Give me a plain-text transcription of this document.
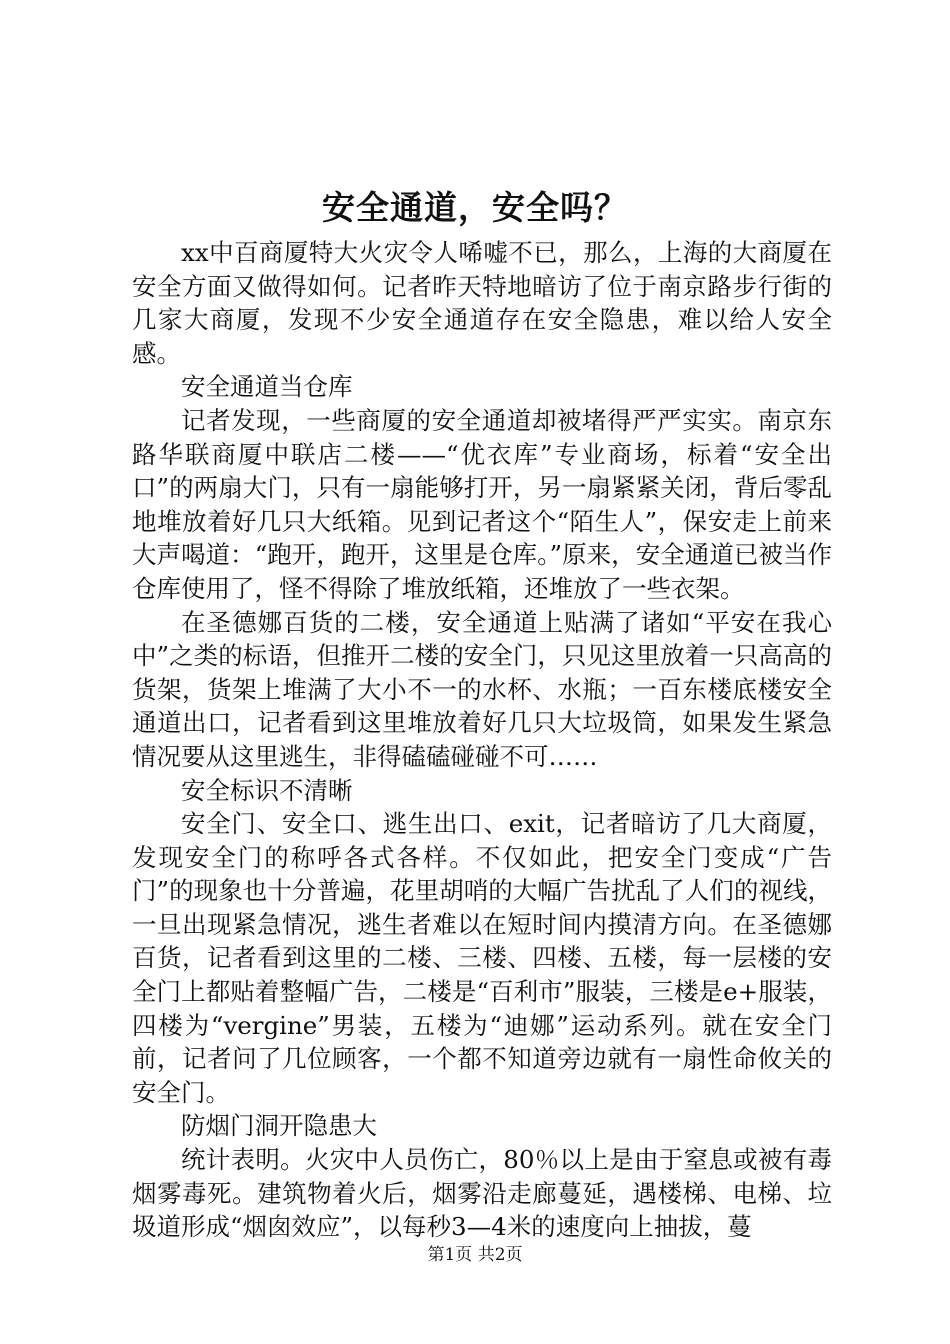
安全通道，安全吗？

xx中百商厦特大火灾令人唏嘘不已，那么，上海的大商厦在安全方面又做得如何。记者昨天特地暗访了位于南京路步行街的几家大商厦，发现不少安全通道存在安全隐患，难以给人安全感。

安全通道当仓库

记者发现，一些商厦的安全通道却被堵得严严实实。南京东路华联商厦中联店二楼——“优衣库”专业商场，标着“安全出口”的两扇大门，只有一扇能够打开，另一扇紧紧关闭，背后零乱地堆放着好几只大纸箱。见到记者这个“陌生人”，保安走上前来大声喝道：“跑开，跑开，这里是仓库。”原来，安全通道已被当作仓库使用了，怪不得除了堆放纸箱，还堆放了一些衣架。

在圣德娜百货的二楼，安全通道上贴满了诸如“平安在我心中”之类的标语，但推开二楼的安全门，只见这里放着一只高高的货架，货架上堆满了大小不一的水杯、水瓶；一百东楼底楼安全通道出口，记者看到这里堆放着好几只大垃圾筒，如果发生紧急情况要从这里逃生，非得磕磕碰碰不可……

安全标识不清晰

安全门、安全口、逃生出口、exit，记者暗访了几大商厦，发现安全门的称呼各式各样。不仅如此，把安全门变成“广告门”的现象也十分普遍，花里胡哨的大幅广告扰乱了人们的视线，一旦出现紧急情况，逃生者难以在短时间内摸清方向。在圣德娜百货，记者看到这里的二楼、三楼、四楼、五楼，每一层楼的安全门上都贴着整幅广告，二楼是“百利市”服装，三楼是e+服装，四楼为“vergine”男装，五楼为“迪娜”运动系列。就在安全门前，记者问了几位顾客，一个都不知道旁边就有一扇性命攸关的安全门。

防烟门洞开隐患大

统计表明。火灾中人员伤亡，80％以上是由于窒息或被有毒烟雾毒死。建筑物着火后，烟雾沿走廊蔓延，遇楼梯、电梯、垃圾道形成“烟囱效应”，以每秒3—4米的速度向上抽拔，蔓

第1页 共2页
